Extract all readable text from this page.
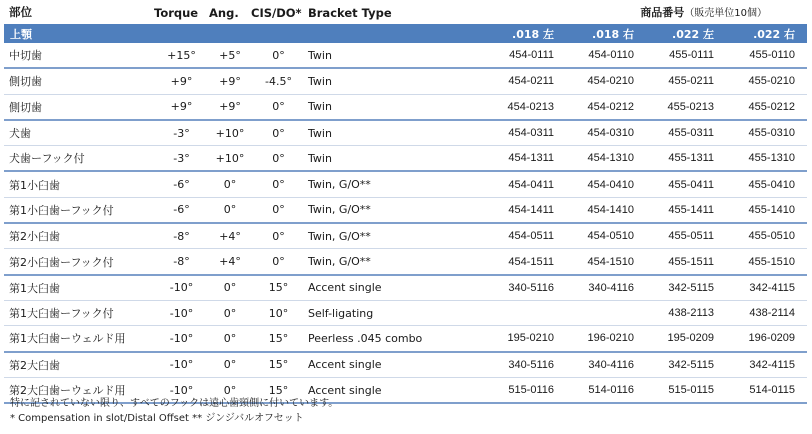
部位	Torque	Ang.	CIS/DO*	Bracket Type	商品番号（販売単位10個）			
上顎					.018 左	.018 右	.022 左	.022 右
中切歯	+15°	+5°	0°	Twin	454-0111	454-0110	455-0111	455-0110
側切歯	+9°	+9°	-4.5°	Twin	454-0211	454-0210	455-0211	455-0210
側切歯	+9°	+9°	0°	Twin	454-0213	454-0212	455-0213	455-0212
犬歯	-3°	+10°	0°	Twin	454-0311	454-0310	455-0311	455-0310
犬歯ーフック付	-3°	+10°	0°	Twin	454-1311	454-1310	455-1311	455-1310
第1小臼歯	-6°	0°	0°	Twin, G/O**	454-0411	454-0410	455-0411	455-0410
第1小臼歯ーフック付	-6°	0°	0°	Twin, G/O**	454-1411	454-1410	455-1411	455-1410
第2小臼歯	-8°	+4°	0°	Twin, G/O**	454-0511	454-0510	455-0511	455-0510
第2小臼歯ーフック付	-8°	+4°	0°	Twin, G/O**	454-1511	454-1510	455-1511	455-1510
第1大臼歯	-10°	0°	15°	Accent single	340-5116	340-4116	342-5115	342-4115
第1大臼歯ーフック付	-10°	0°	10°	Self-ligating			438-2113	438-2114
第1大臼歯ーウェルド用	-10°	0°	15°	Peerless .045 combo	195-0210	196-0210	195-0209	196-0209
第2大臼歯	-10°	0°	15°	Accent single	340-5116	340-4116	342-5115	342-4115
第2大臼歯ーウェルド用	-10°	0°	15°	Accent single	515-0116	514-0116	515-0115	514-0115
特に記されていない限り、すべてのフックは遠心歯頸側に付いています。
* Compensation in slot/Distal Offset ** ジンジバルオフセット
